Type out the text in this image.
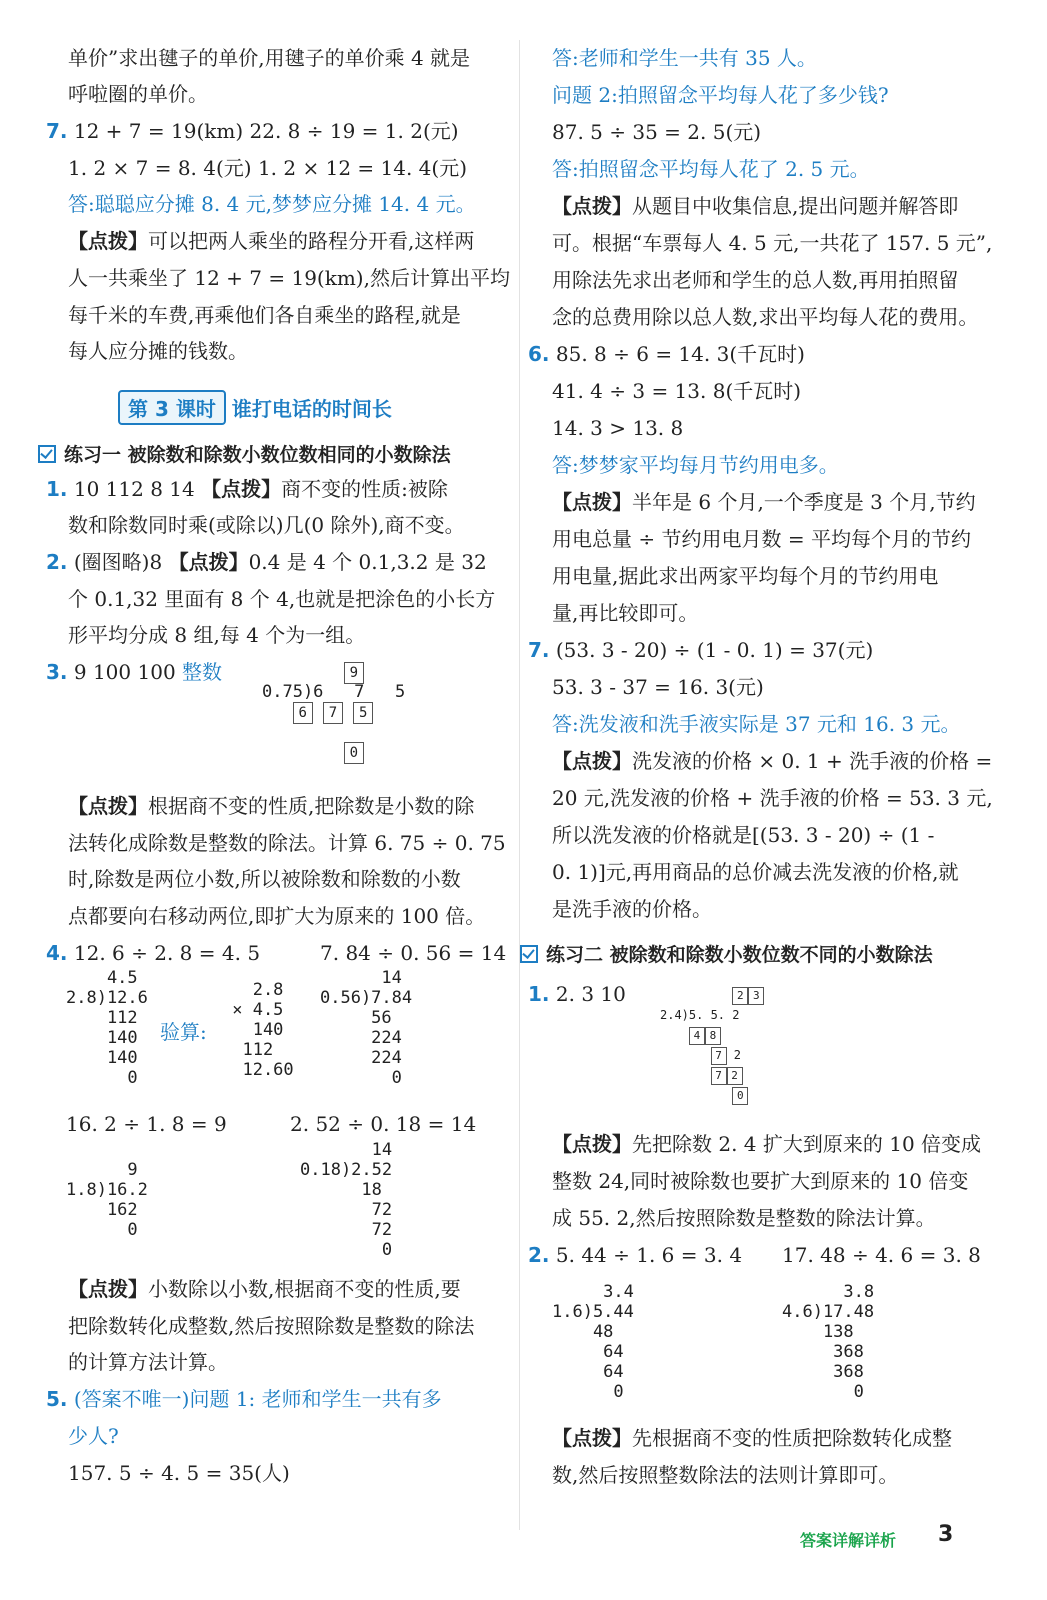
单价”求出毽子的单价,用毽子的单价乘 4 就是
呼啦圈的单价。
7. 12 + 7 = 19(km) 22. 8 ÷ 19 = 1. 2(元)
1. 2 × 7 = 8. 4(元) 1. 2 × 12 = 14. 4(元)
答:聪聪应分摊 8. 4 元,梦梦应分摊 14. 4 元。
【点拨】可以把两人乘坐的路程分开看,这样两
人一共乘坐了 12 + 7 = 19(km),然后计算出平均
每千米的车费,再乘他们各自乘坐的路程,就是
每人应分摊的钱数。
第 3 课时 谁打电话的时间长
练习一 被除数和除数小数位数相同的小数除法
1. 10 112 8 14 【点拨】商不变的性质:被除
数和除数同时乘(或除以)几(0 除外),商不变。
2. (圈图略)8 【点拨】0.4 是 4 个 0.1,3.2 是 32
个 0.1,32 里面有 8 个 4,也就是把涂色的小长方
形平均分成 8 组,每 4 个为一组。
3. 9 100 100 整数	9
0.75)6   7   5
6 7 5

0
【点拨】根据商不变的性质,把除数是小数的除
法转化成除数是整数的除法。计算 6. 75 ÷ 0. 75
时,除数是两位小数,所以被除数和除数的小数
点都要向右移动两位,即扩大为原来的 100 倍。
4. 12. 6 ÷ 2. 8 = 4. 5	7. 84 ÷ 0. 56 = 14
4.5
2.8)12.6
112
140
140
0
2.8
× 4.5
140
112
12.60
验算:
14
0.56)7.84
56
224
224
0
16. 2 ÷ 1. 8 = 9	2. 52 ÷ 0. 18 = 14
9
1.8)16.2
162
0
14
0.18)2.52
18
72
72
0
【点拨】小数除以小数,根据商不变的性质,要
把除数转化成整数,然后按照除数是整数的除法
的计算方法计算。
5. (答案不唯一)问题 1: 老师和学生一共有多
少人?
157. 5 ÷ 4. 5 = 35(人)
答:老师和学生一共有 35 人。
问题 2:拍照留念平均每人花了多少钱?
87. 5 ÷ 35 = 2. 5(元)
答:拍照留念平均每人花了 2. 5 元。
【点拨】从题目中收集信息,提出问题并解答即
可。根据“车票每人 4. 5 元,一共花了 157. 5 元”,
用除法先求出老师和学生的总人数,再用拍照留
念的总费用除以总人数,求出平均每人花的费用。
6. 85. 8 ÷ 6 = 14. 3(千瓦时)
41. 4 ÷ 3 = 13. 8(千瓦时)
14. 3 > 13. 8
答:梦梦家平均每月节约用电多。
【点拨】半年是 6 个月,一个季度是 3 个月,节约
用电总量 ÷ 节约用电月数 = 平均每个月的节约
用电量,据此求出两家平均每个月的节约用电
量,再比较即可。
7. (53. 3 - 20) ÷ (1 - 0. 1) = 37(元)
53. 3 - 37 = 16. 3(元)
答:洗发液和洗手液实际是 37 元和 16. 3 元。
【点拨】洗发液的价格 × 0. 1 + 洗手液的价格 =
20 元,洗发液的价格 + 洗手液的价格 = 53. 3 元,
所以洗发液的价格就是[(53. 3 - 20) ÷ (1 -
0. 1)]元,再用商品的总价减去洗发液的价格,就
是洗手液的价格。
练习二 被除数和除数小数位数不同的小数除法
1. 2. 3 10	2 3
2.4)5. 5. 2
4 8
7 2
7 2
0
【点拨】先把除数 2. 4 扩大到原来的 10 倍变成
整数 24,同时被除数也要扩大到原来的 10 倍变
成 55. 2,然后按照除数是整数的除法计算。
2. 5. 44 ÷ 1. 6 = 3. 4 17. 48 ÷ 4. 6 = 3. 8
3.4
1.6)5.44
48
64
64
0
3.8
4.6)17.48
138
368
368
0
【点拨】先根据商不变的性质把除数转化成整
数,然后按照整数除法的法则计算即可。
答案详解详析 3
